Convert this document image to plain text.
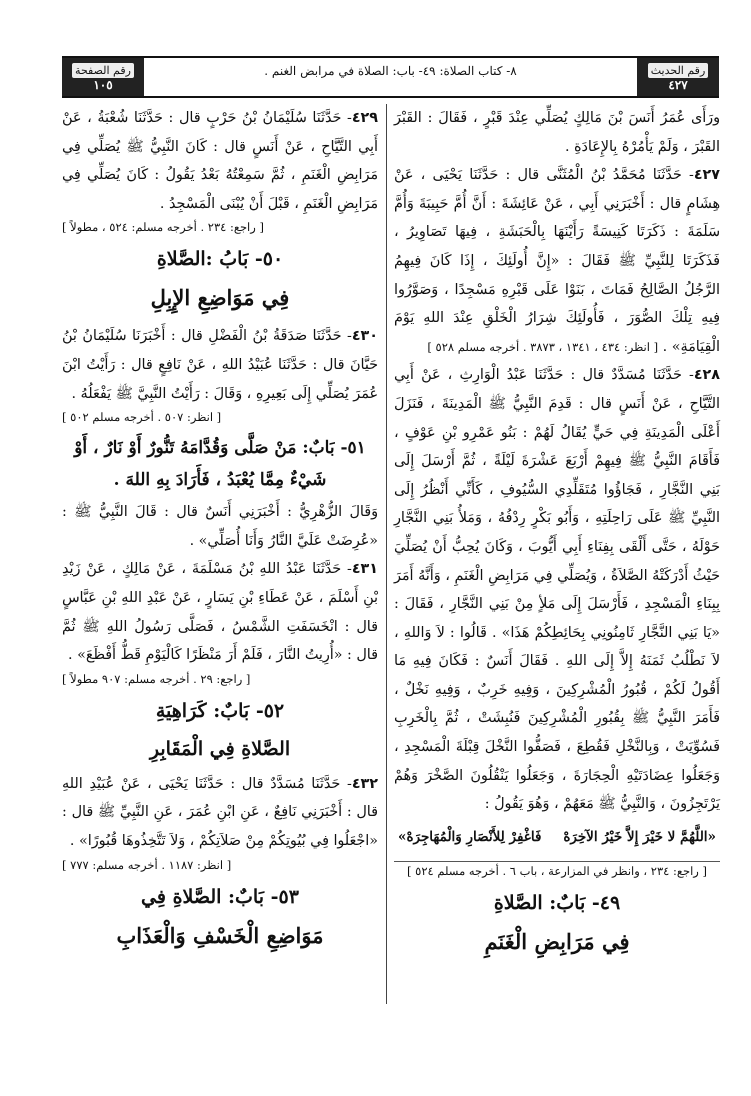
رقم الحديث
٤٢٧
٨- كتاب الصلاة: ٤٩- باب: الصلاة في مرابض الغنم .
رقم الصفحة
١٠٥

ورَأَى عُمَرُ أَنَسَ بْنَ مَالِكٍ يُصَلِّي عِنْدَ قَبْرٍ ، فَقَالَ : القَبْرَ القَبْرَ ، وَلَمْ يَأْمُرْهُ بِالإِعَادَةِ .

٤٢٧- حَدَّثَنَا مُحَمَّدُ بْنُ الْمُثَنَّى قال : حَدَّثَنَا يَحْيَى ، عَنْ هِشَامٍ قال : أَخْبَرَنِي أَبِي ، عَنْ عَائِشَةَ : أَنَّ أُمَّ حَبِيبَةَ وَأُمَّ سَلَمَةَ : ذَكَرَتَا كَنِيسَةً رَأَيْنَهَا بِالْحَبَشَةِ ، فِيهَا تَصَاوِيرُ ، فَذَكَرَتَا لِلنَّبِيِّ ﷺ فَقَالَ : «إِنَّ أُولَئِكَ ، إِذَا كَانَ فِيهِمُ الرَّجُلُ الصَّالِحُ فَمَاتَ ، بَنَوْا عَلَى قَبْرِهِ مَسْجِدًا ، وَصَوَّرُوا فِيهِ تِلْكَ الصُّوَرَ ، فَأُولَئِكَ شِرَارُ الْخَلْقِ عِنْدَ اللهِ يَوْمَ الْقِيَامَةِ» . [ انظر: ٤٣٤ ، ١٣٤١ ، ٣٨٧٣ . أخرجه مسلم ٥٢٨ ]

٤٢٨- حَدَّثَنَا مُسَدَّدٌ قال : حَدَّثَنَا عَبْدُ الْوَارِثِ ، عَنْ أَبِي التَّيَّاحِ ، عَنْ أَنَسٍ قال : قَدِمَ النَّبِيُّ ﷺ الْمَدِينَةَ ، فَنَزَلَ أَعْلَى الْمَدِينَةِ فِي حَيٍّ يُقَالُ لَهُمْ : بَنُو عَمْرِو بْنِ عَوْفٍ ، فَأَقَامَ النَّبِيُّ ﷺ فِيهِمْ أَرْبَعَ عَشْرَةَ لَيْلَةً ، ثُمَّ أَرْسَلَ إِلَى بَنِي النَّجَّارِ ، فَجَاؤُوا مُتَقَلِّدِي السُّيُوفِ ، كَأَنِّي أَنْظُرُ إِلَى النَّبِيِّ ﷺ عَلَى رَاحِلَتِهِ ، وَأَبُو بَكْرٍ رِدْفُهُ ، وَمَلأُ بَنِي النَّجَّارِ حَوْلَهُ ، حَتَّى أَلْقَى بِفِنَاءِ أَبِي أَيُّوبَ ، وَكَانَ يُحِبُّ أَنْ يُصَلِّيَ حَيْثُ أَدْرَكَتْهُ الصَّلاَةُ ، وَيُصَلِّي فِي مَرَابِضِ الْغَنَمِ ، وَأَنَّهُ أَمَرَ بِبِنَاءِ الْمَسْجِدِ ، فَأَرْسَلَ إِلَى مَلأٍ مِنْ بَنِي النَّجَّارِ ، فَقَالَ : «يَا بَنِي النَّجَّارِ ثَامِنُونِي بِحَائِطِكُمْ هَذَا» . قَالُوا : لاَ وَاللهِ ، لاَ نَطْلُبُ ثَمَنَهُ إِلاَّ إِلَى اللهِ . فَقَالَ أَنَسٌ : فَكَانَ فِيهِ مَا أَقُولُ لَكُمْ ، قُبُورُ الْمُشْرِكِينَ ، وَفِيهِ خَرِبٌ ، وَفِيهِ نَخْلٌ ، فَأَمَرَ النَّبِيُّ ﷺ بِقُبُورِ الْمُشْرِكِينَ فَنُبِشَتْ ، ثُمَّ بِالْخَرِبِ فَسُوِّيَتْ ، وَبِالنَّخْلِ فَقُطِعَ ، فَصَفُّوا النَّخْلَ قِبْلَةَ الْمَسْجِدِ ، وَجَعَلُوا عِضَادَتَيْهِ الْحِجَارَةَ ، وَجَعَلُوا يَنْقُلُونَ الصَّخْرَ وَهُمْ يَرْتَجِزُونَ ، وَالنَّبِيُّ ﷺ مَعَهُمْ ، وَهُوَ يَقُولُ :

«اللَّهُمَّ لا خَيْرَ إِلاَّ خَيْرُ الآخِرَهْ
فَاغْفِرْ لِلأَنْصَارِ وَالْمُهَاجِرَهْ»
[ راجع: ٢٣٤ ، وانظر في المزارعة ، باب ٦ . أخرجه مسلم ٥٢٤ ]
٤٩- بَابٌ: الصَّلاةِ
فِي مَرَابِضِ الْغَنَمِ

٤٢٩- حَدَّثَنَا سُلَيْمَانُ بْنُ حَرْبٍ قال : حَدَّثَنَا شُعْبَةُ ، عَنْ أَبِي التَّيَّاحِ ، عَنْ أَنَسٍ قال : كَانَ النَّبِيُّ ﷺ يُصَلِّي فِي مَرَابِضِ الْغَنَمِ ، ثُمَّ سَمِعْتُهُ بَعْدُ يَقُولُ : كَانَ يُصَلِّي فِي مَرَابِضِ الْغَنَمِ ، قَبْلَ أَنْ يُبْنَى الْمَسْجِدُ .

[ راجع: ٢٣٤ . أخرجه مسلم: ٥٢٤ ، مطولاً ]
٥٠- بَابُ :الصَّلاةِ
فِي مَوَاضِعِ الإِبِلِ

٤٣٠- حَدَّثَنَا صَدَقَةُ بْنُ الْفَضْلِ قال : أَخْبَرَنَا سُلَيْمَانُ بْنُ حَيَّانَ قال : حَدَّثَنَا عُبَيْدُ اللهِ ، عَنْ نَافِعٍ قال : رَأَيْتُ ابْنَ عُمَرَ يُصَلِّي إِلَى بَعِيرِهِ ، وَقَالَ : رَأَيْتُ النَّبِيَّ ﷺ يَفْعَلُهُ .

[ انظر: ٥٠٧ . أخرجه مسلم ٥٠٢ ]
٥١- بَابٌ: مَنْ صَلَّى وَقُدَّامَهُ تَنُّورٌ أَوْ نَارٌ ، أَوْ شَيْءٌ مِمَّا يُعْبَدُ ، فَأَرَادَ بِهِ اللهَ .

وَقَالَ الزُّهْرِيُّ : أَخْبَرَنِي أَنَسٌ قال : قَالَ النَّبِيُّ ﷺ : «عُرِضَتْ عَلَيَّ النَّارُ وَأَنَا أُصَلِّي» .

٤٣١- حَدَّثَنَا عَبْدُ اللهِ بْنُ مَسْلَمَةَ ، عَنْ مَالِكٍ ، عَنْ زَيْدِ بْنِ أَسْلَمَ ، عَنْ عَطَاءِ بْنِ يَسَارٍ ، عَنْ عَبْدِ اللهِ بْنِ عَبَّاسٍ قال : انْخَسَفَتِ الشَّمْسُ ، فَصَلَّى رَسُولُ اللهِ ﷺ ثُمَّ قال : «أُرِيتُ النَّارَ ، فَلَمْ أَرَ مَنْظَرًا كَالْيَوْمِ قَطُّ أَفْظَعَ» .

[ راجع: ٢٩ . أخرجه مسلم: ٩٠٧ مطولاً ]
٥٢- بَابٌ: كَرَاهِيَةِ
الصَّلاةِ فِي الْمَقَابِرِ

٤٣٢- حَدَّثَنَا مُسَدَّدٌ قال : حَدَّثَنَا يَحْيَى ، عَنْ عُبَيْدِ اللهِ قال : أَخْبَرَنِي نَافِعٌ ، عَنِ ابْنِ عُمَرَ ، عَنِ النَّبِيِّ ﷺ قال : «اجْعَلُوا فِي بُيُوتِكُمْ مِنْ صَلاَتِكُمْ ، وَلاَ تَتَّخِذُوهَا قُبُورًا» .

[ انظر: ١١٨٧ . أخرجه مسلم: ٧٧٧ ]
٥٣- بَابٌ: الصَّلاةِ فِي
مَوَاضِعِ الْخَسْفِ وَالْعَذَابِ
